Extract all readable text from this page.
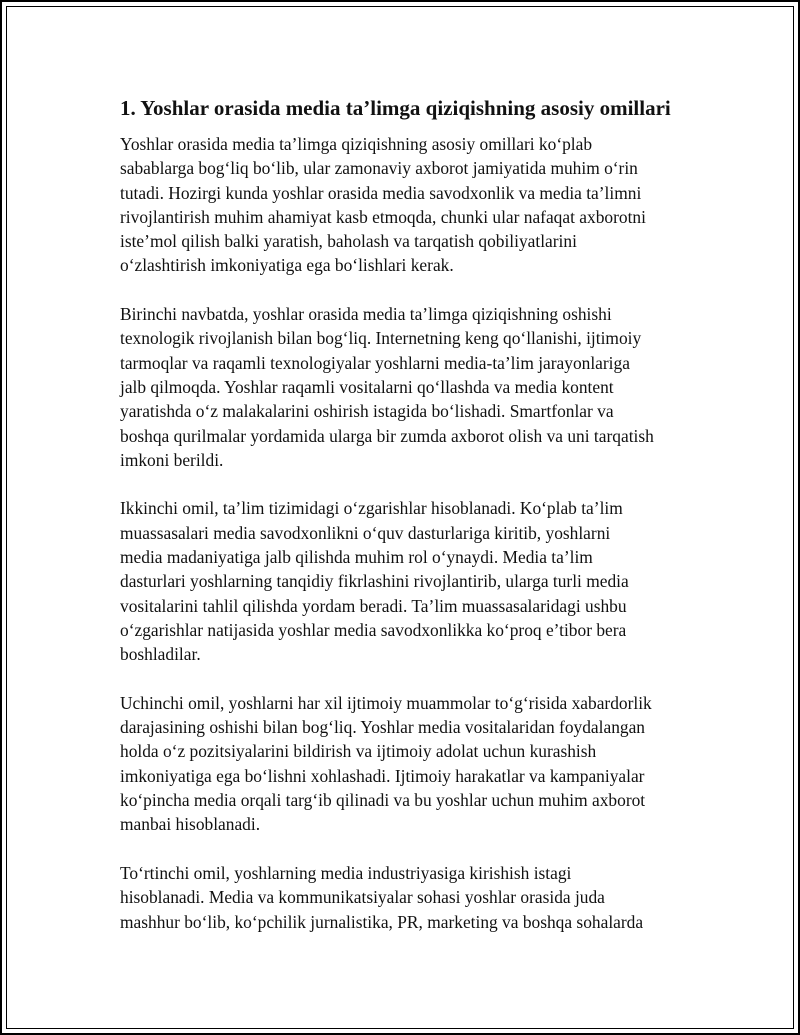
1. Yoshlar orasida media ta’limga qiziqishning asosiy omillari

Yoshlar orasida media ta’limga qiziqishning asosiy omillari ko‘plab
sabablarga bog‘liq bo‘lib, ular zamonaviy axborot jamiyatida muhim o‘rin
tutadi. Hozirgi kunda yoshlar orasida media savodxonlik va media ta’limni
rivojlantirish muhim ahamiyat kasb etmoqda, chunki ular nafaqat axborotni
iste’mol qilish balki yaratish, baholash va tarqatish qobiliyatlarini
o‘zlashtirish imkoniyatiga ega bo‘lishlari kerak.

Birinchi navbatda, yoshlar orasida media ta’limga qiziqishning oshishi
texnologik rivojlanish bilan bog‘liq. Internetning keng qo‘llanishi, ijtimoiy
tarmoqlar va raqamli texnologiyalar yoshlarni media-ta’lim jarayonlariga
jalb qilmoqda. Yoshlar raqamli vositalarni qo‘llashda va media kontent
yaratishda o‘z malakalarini oshirish istagida bo‘lishadi. Smartfonlar va
boshqa qurilmalar yordamida ularga bir zumda axborot olish va uni tarqatish
imkoni berildi.

Ikkinchi omil, ta’lim tizimidagi o‘zgarishlar hisoblanadi. Ko‘plab ta’lim
muassasalari media savodxonlikni o‘quv dasturlariga kiritib, yoshlarni
media madaniyatiga jalb qilishda muhim rol o‘ynaydi. Media ta’lim
dasturlari yoshlarning tanqidiy fikrlashini rivojlantirib, ularga turli media
vositalarini tahlil qilishda yordam beradi. Ta’lim muassasalaridagi ushbu
o‘zgarishlar natijasida yoshlar media savodxonlikka ko‘proq e’tibor bera
boshladilar.

Uchinchi omil, yoshlarni har xil ijtimoiy muammolar to‘g‘risida xabardorlik
darajasining oshishi bilan bog‘liq. Yoshlar media vositalaridan foydalangan
holda o‘z pozitsiyalarini bildirish va ijtimoiy adolat uchun kurashish
imkoniyatiga ega bo‘lishni xohlashadi. Ijtimoiy harakatlar va kampaniyalar
ko‘pincha media orqali targ‘ib qilinadi va bu yoshlar uchun muhim axborot
manbai hisoblanadi.

To‘rtinchi omil, yoshlarning media industriyasiga kirishish istagi
hisoblanadi. Media va kommunikatsiyalar sohasi yoshlar orasida juda
mashhur bo‘lib, ko‘pchilik jurnalistika, PR, marketing va boshqa sohalarda
